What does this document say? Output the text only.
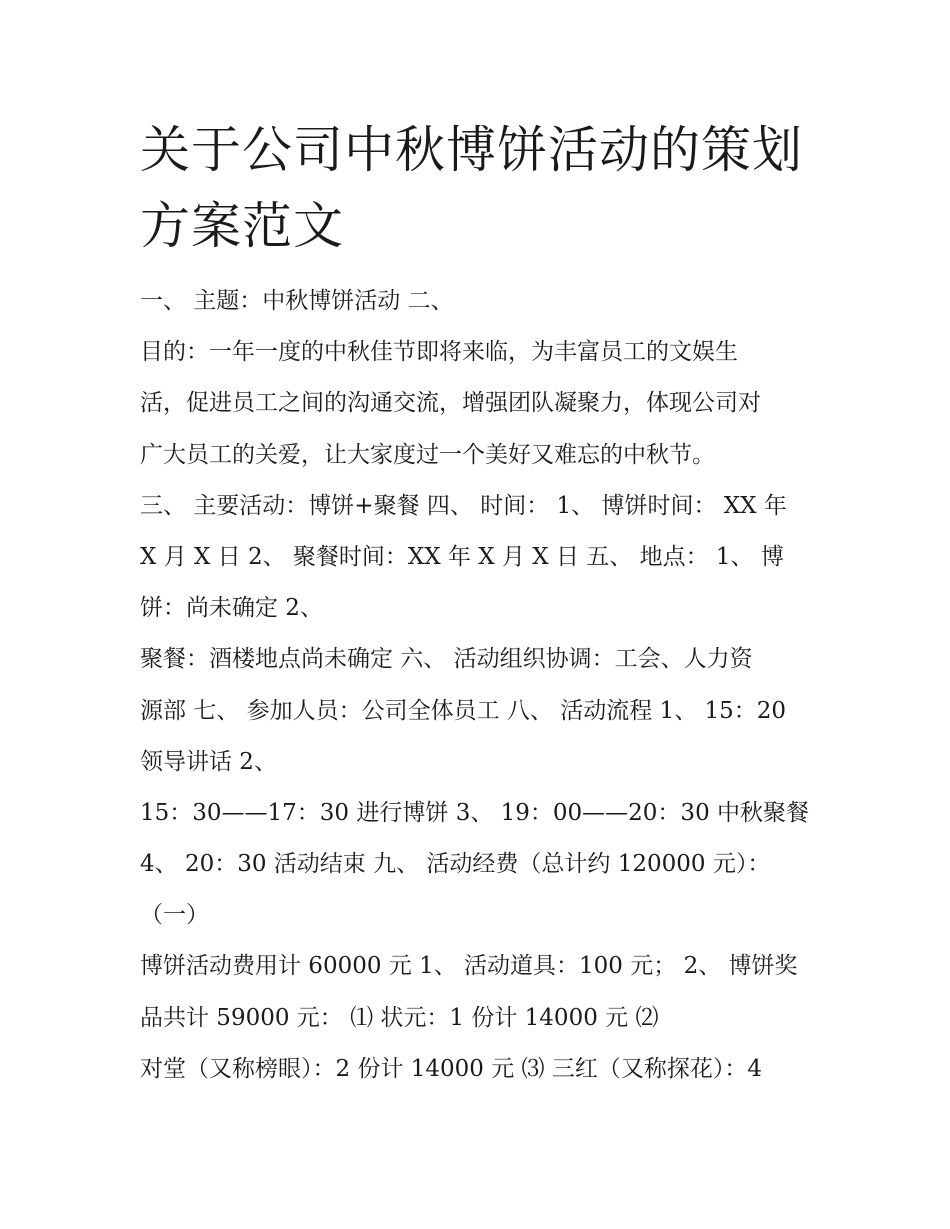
关于公司中秋博饼活动的策划
方案范文
一、 主题：中秋博饼活动 二、
目的：一年一度的中秋佳节即将来临，为丰富员工的文娱生
活，促进员工之间的沟通交流，增强团队凝聚力，体现公司对
广大员工的关爱，让大家度过一个美好又难忘的中秋节。
三、 主要活动：博饼+聚餐 四、 时间： 1、 博饼时间： XX 年
X 月 X 日 2、 聚餐时间：XX 年 X 月 X 日 五、 地点： 1、 博
饼：尚未确定 2、
聚餐：酒楼地点尚未确定 六、 活动组织协调：工会、人力资
源部 七、 参加人员：公司全体员工 八、 活动流程 1、 15：20
领导讲话 2、
15：30——17：30 进行博饼 3、 19：00——20：30 中秋聚餐
4、 20：30 活动结束 九、 活动经费（总计约 120000 元）：
（一）
博饼活动费用计 60000 元 1、 活动道具：100 元； 2、 博饼奖
品共计 59000 元： ⑴ 状元：1 份计 14000 元 ⑵
对堂（又称榜眼）：2 份计 14000 元 ⑶ 三红（又称探花）：4
